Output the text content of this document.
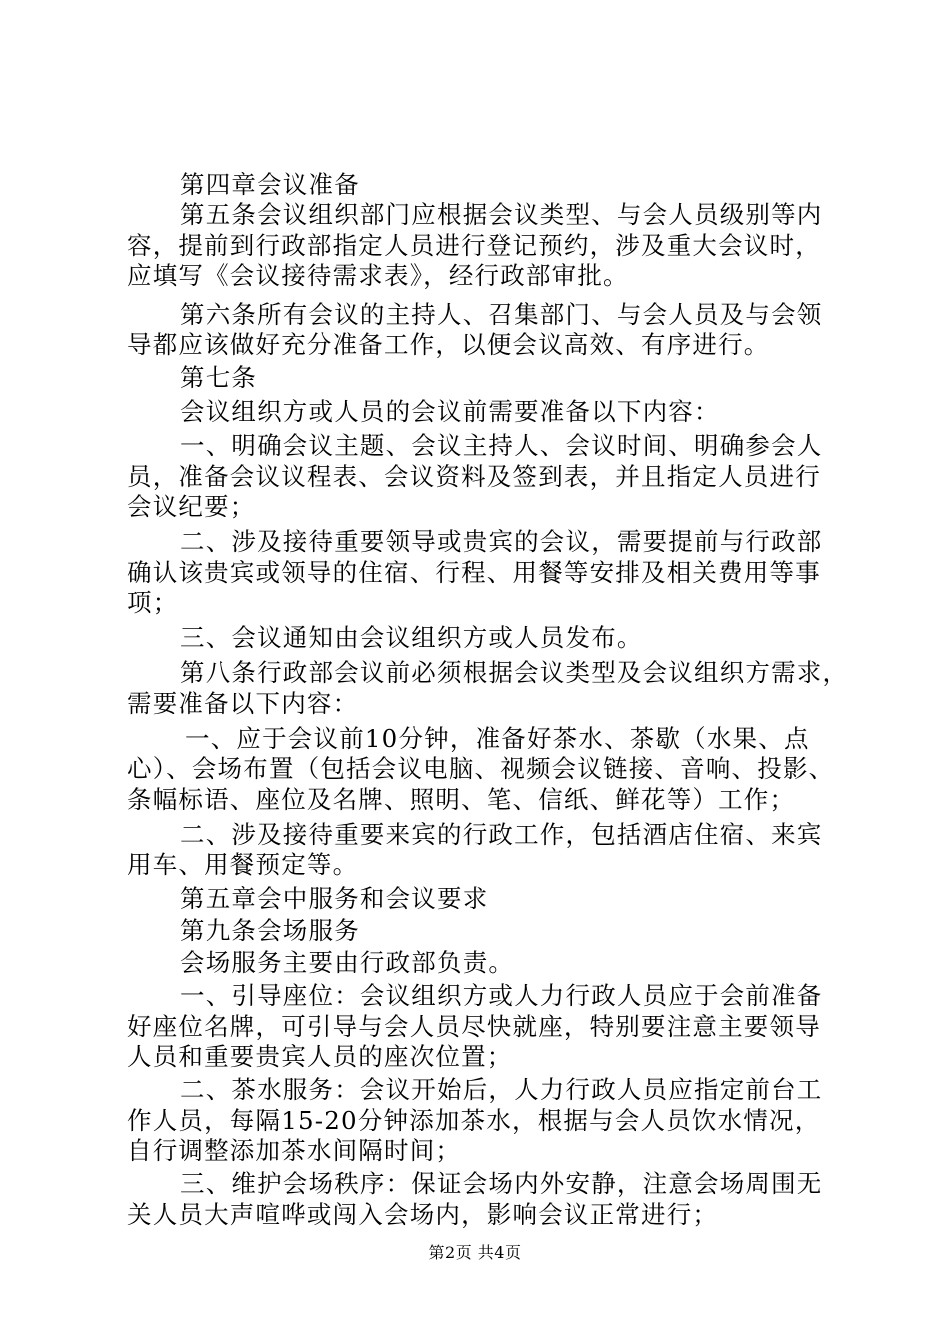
第四章会议准备

第五条会议组织部门应根据会议类型、与会人员级别等内
容，提前到行政部指定人员进行登记预约，涉及重大会议时，
应填写《会议接待需求表》，经行政部审批。

第六条所有会议的主持人、召集部门、与会人员及与会领
导都应该做好充分准备工作，以便会议高效、有序进行。

第七条

会议组织方或人员的会议前需要准备以下内容：

一、明确会议主题、会议主持人、会议时间、明确参会人
员，准备会议议程表、会议资料及签到表，并且指定人员进行
会议纪要；

二、涉及接待重要领导或贵宾的会议，需要提前与行政部
确认该贵宾或领导的住宿、行程、用餐等安排及相关费用等事
项；

三、会议通知由会议组织方或人员发布。

第八条行政部会议前必须根据会议类型及会议组织方需求，
需要准备以下内容：

一、应于会议前10分钟，准备好茶水、茶歇（水果、点
心）、会场布置（包括会议电脑、视频会议链接、音响、投影、
条幅标语、座位及名牌、照明、笔、信纸、鲜花等）工作；

二、涉及接待重要来宾的行政工作，包括酒店住宿、来宾
用车、用餐预定等。

第五章会中服务和会议要求

第九条会场服务

会场服务主要由行政部负责。

一、引导座位：会议组织方或人力行政人员应于会前准备
好座位名牌，可引导与会人员尽快就座，特别要注意主要领导
人员和重要贵宾人员的座次位置；

二、茶水服务：会议开始后，人力行政人员应指定前台工
作人员，每隔15-20分钟添加茶水，根据与会人员饮水情况，
自行调整添加茶水间隔时间；

三、维护会场秩序：保证会场内外安静，注意会场周围无
关人员大声喧哗或闯入会场内，影响会议正常进行；

第2页 共4页
